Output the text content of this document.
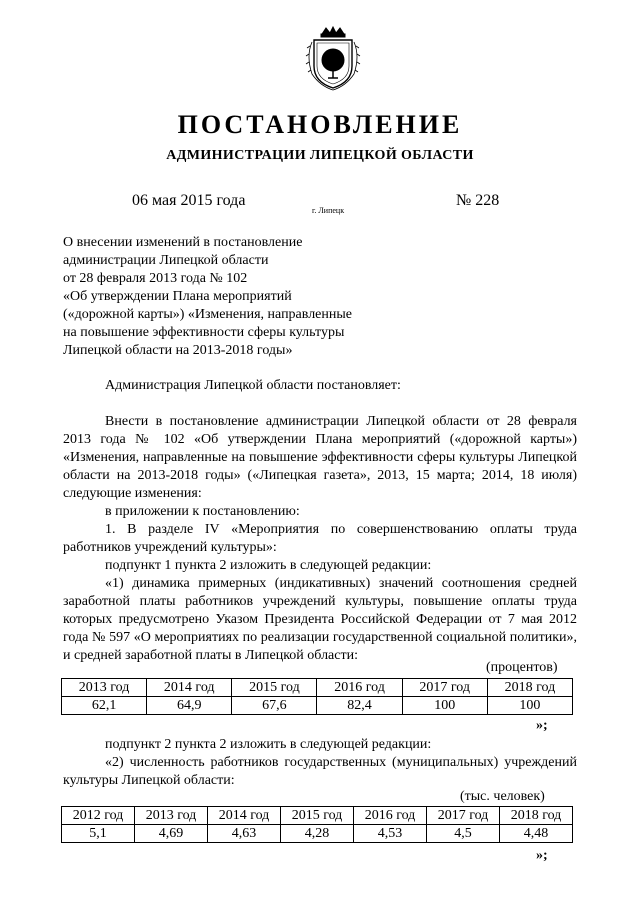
ПОСТАНОВЛЕНИЕ
АДМИНИСТРАЦИИ ЛИПЕЦКОЙ ОБЛАСТИ
06 мая 2015 года
г. Липецк
№ 228
О внесении изменений в постановление
администрации Липецкой области
от 28 февраля 2013 года № 102
«Об утверждении Плана мероприятий
(«дорожной карты») «Изменения, направленные
на повышение эффективности сферы культуры
Липецкой области на 2013-2018 годы»

Администрация Липецкой области постановляет:

Внести в постановление администрации Липецкой области от 28 февраля 2013 года № 102 «Об утверждении Плана мероприятий («дорожной карты») «Изменения, направленные на повышение эффективности сферы культуры Липецкой области на 2013-2018 годы» («Липецкая газета», 2013, 15 марта; 2014, 18 июля) следующие изменения:

в приложении к постановлению:

1. В разделе IV «Мероприятия по совершенствованию оплаты труда работников учреждений культуры»:

подпункт 1 пункта 2 изложить в следующей редакции:

«1) динамика примерных (индикативных) значений соотношения средней заработной платы работников учреждений культуры, повышение оплаты труда которых предусмотрено Указом Президента Российской Федерации от 7 мая 2012 года № 597 «О мероприятиях по реализации государственной социальной политики», и средней заработной платы в Липецкой области:

(процентов)
2013 год	2014 год	2015 год	2016 год	2017 год	2018 год
62,1	64,9	67,6	82,4	100	100
»;

подпункт 2 пункта 2 изложить в следующей редакции:

«2) численность работников государственных (муниципальных) учреждений культуры Липецкой области:

(тыс. человек)
2012 год	2013 год	2014 год	2015 год	2016 год	2017 год	2018 год
5,1	4,69	4,63	4,28	4,53	4,5	4,48
»;
